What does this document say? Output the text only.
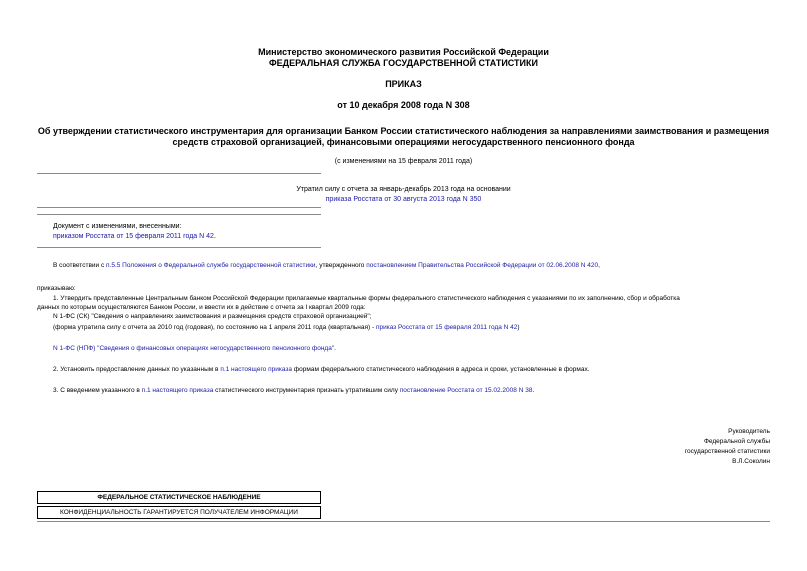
Министерство экономического развития Российской Федерации
ФЕДЕРАЛЬНАЯ СЛУЖБА ГОСУДАРСТВЕННОЙ СТАТИСТИКИ
ПРИКАЗ
от 10 декабря 2008 года N 308
Об утверждении статистического инструментария для организации Банком России статистического наблюдения за направлениями заимствования и размещения
средств страховой организацией, финансовыми операциями негосударственного пенсионного фонда
(с изменениями на 15 февраля 2011 года)
Утратил силу с отчета за январь-декабрь 2013 года на основании
приказа Росстата от 30 августа 2013 года N 350
Документ с изменениями, внесенными:
приказом Росстата от 15 февраля 2011 года N 42.
В соответствии с п.5.5 Положения о Федеральной службе государственной статистики, утвержденного постановлением Правительства Российской Федерации от 02.06.2008 N 420,
приказываю:
1. Утвердить представленные Центральным банком Российской Федерации прилагаемые квартальные формы федерального статистического наблюдения с указаниями по их заполнению, сбор и обработка
данных по которым осуществляются Банком России, и ввести их в действие с отчета за I квартал 2009 года:
N 1-ФС (СК) "Сведения о направлениях заимствования и размещения средств страховой организацией";
(форма утратила силу с отчета за 2010 год (годовая), по состоянию на 1 апреля 2011 года (квартальная) - приказ Росстата от 15 февраля 2011 года N 42)
N 1-ФС (НПФ) "Сведения о финансовых операциях негосударственного пенсионного фонда".
2. Установить предоставление данных по указанным в п.1 настоящего приказа формам федерального статистического наблюдения в адреса и сроки, установленные в формах.
3. С введением указанного в п.1 настоящего приказа статистического инструментария признать утратившим силу постановление Росстата от 15.02.2008 N 38.
Руководитель
Федеральной службы
государственной статистики
В.Л.Соколин
ФЕДЕРАЛЬНОЕ СТАТИСТИЧЕСКОЕ НАБЛЮДЕНИЕ
КОНФИДЕНЦИАЛЬНОСТЬ ГАРАНТИРУЕТСЯ ПОЛУЧАТЕЛЕМ ИНФОРМАЦИИ
